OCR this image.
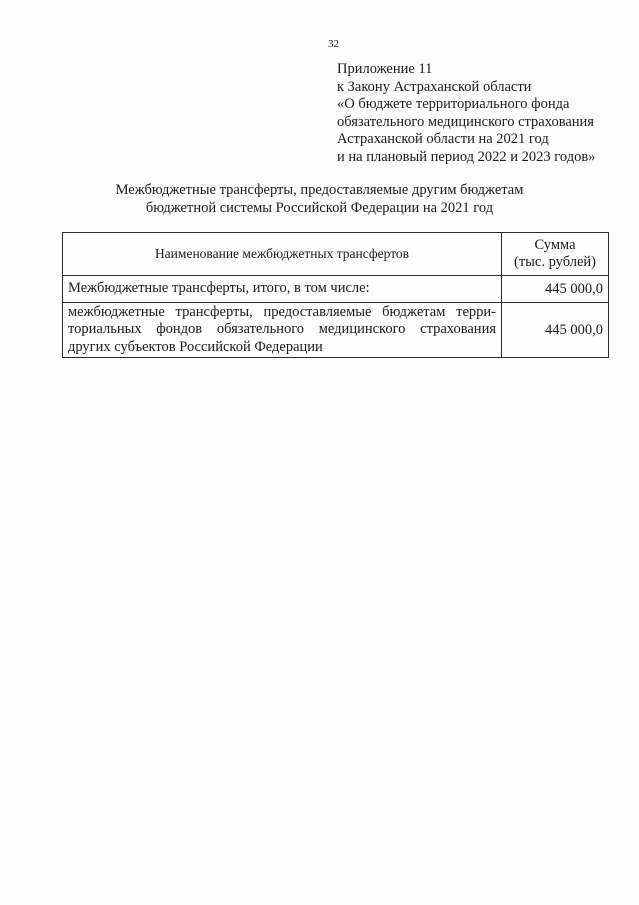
32
Приложение 11
к Закону Астраханской области
«О бюджете территориального фонда
обязательного медицинского страхования
Астраханской области на 2021 год
и на плановый период 2022 и 2023 годов»
Межбюджетные трансферты, предоставляемые другим бюджетам
бюджетной системы Российской Федерации на 2021 год
Наименование межбюджетных трансфертов	Сумма
(тыс. рублей)

Межбюджетные трансферты, итого, в том числе:	445 000,0
межбюджетные трансферты, предоставляемые бюджетам терри-ториальных фондов обязательного медицинского страхования других субъектов Российской Федерации	445 000,0
